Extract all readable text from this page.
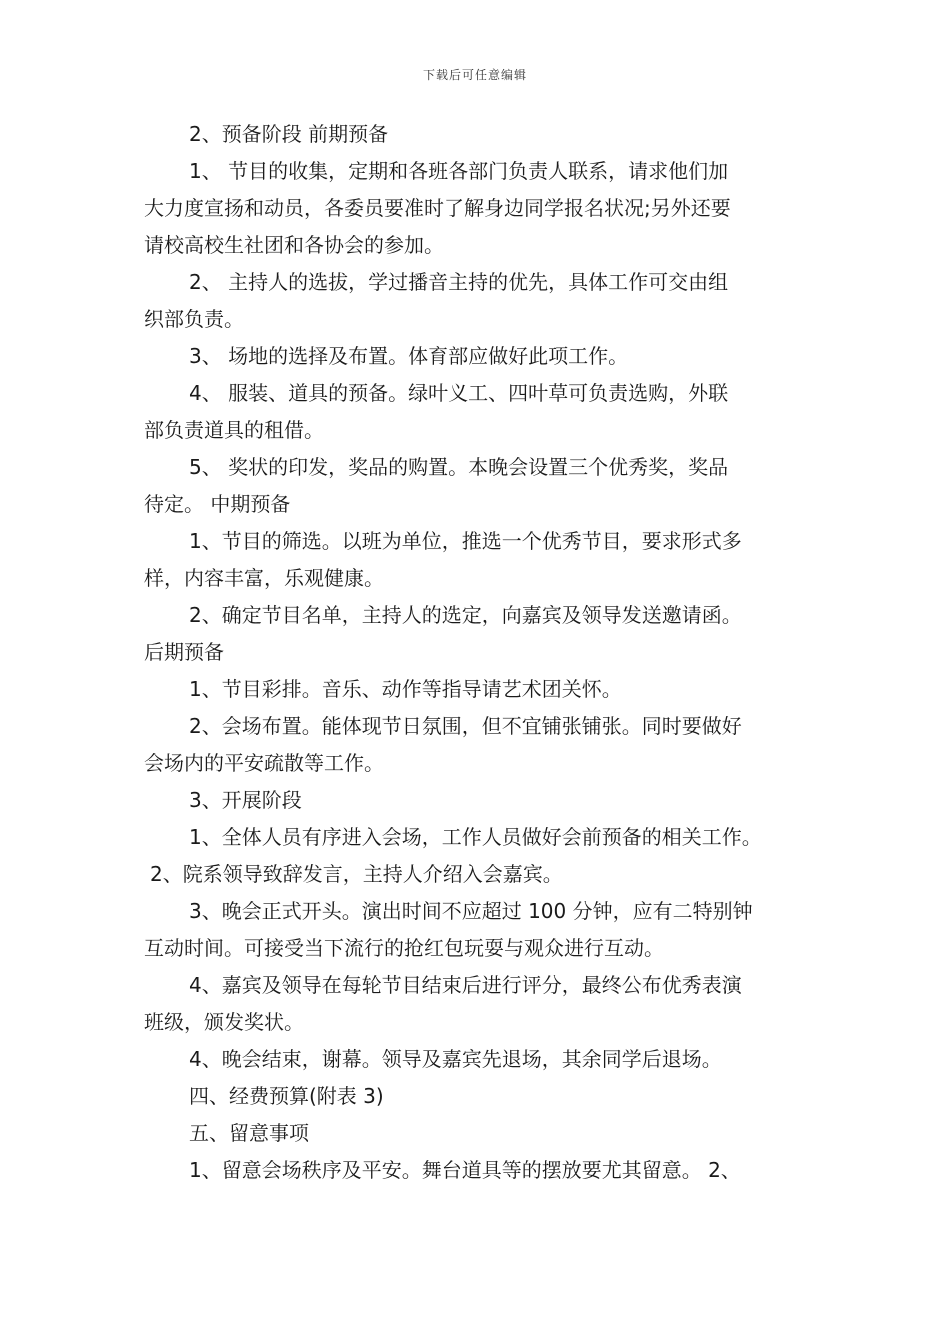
下载后可任意编辑
2、预备阶段 前期预备
1、 节目的收集，定期和各班各部门负责人联系，请求他们加
大力度宣扬和动员，各委员要准时了解身边同学报名状况;另外还要
请校高校生社团和各协会的参加。
2、 主持人的选拔，学过播音主持的优先，具体工作可交由组
织部负责。
3、 场地的选择及布置。体育部应做好此项工作。
4、 服装、道具的预备。绿叶义工、四叶草可负责选购，外联
部负责道具的租借。
5、 奖状的印发，奖品的购置。本晚会设置三个优秀奖，奖品
待定。 中期预备
1、节目的筛选。以班为单位，推选一个优秀节目，要求形式多
样，内容丰富，乐观健康。
2、确定节目名单，主持人的选定，向嘉宾及领导发送邀请函。
后期预备
1、节目彩排。音乐、动作等指导请艺术团关怀。
2、会场布置。能体现节日氛围，但不宜铺张铺张。同时要做好
会场内的平安疏散等工作。
3、开展阶段
1、全体人员有序进入会场，工作人员做好会前预备的相关工作。
2、院系领导致辞发言，主持人介绍入会嘉宾。
3、晚会正式开头。演出时间不应超过 100 分钟，应有二特别钟
互动时间。可接受当下流行的抢红包玩耍与观众进行互动。
4、嘉宾及领导在每轮节目结束后进行评分，最终公布优秀表演
班级，颁发奖状。
4、晚会结束，谢幕。领导及嘉宾先退场，其余同学后退场。
四、经费预算(附表 3)
五、留意事项
1、留意会场秩序及平安。舞台道具等的摆放要尤其留意。 2、
